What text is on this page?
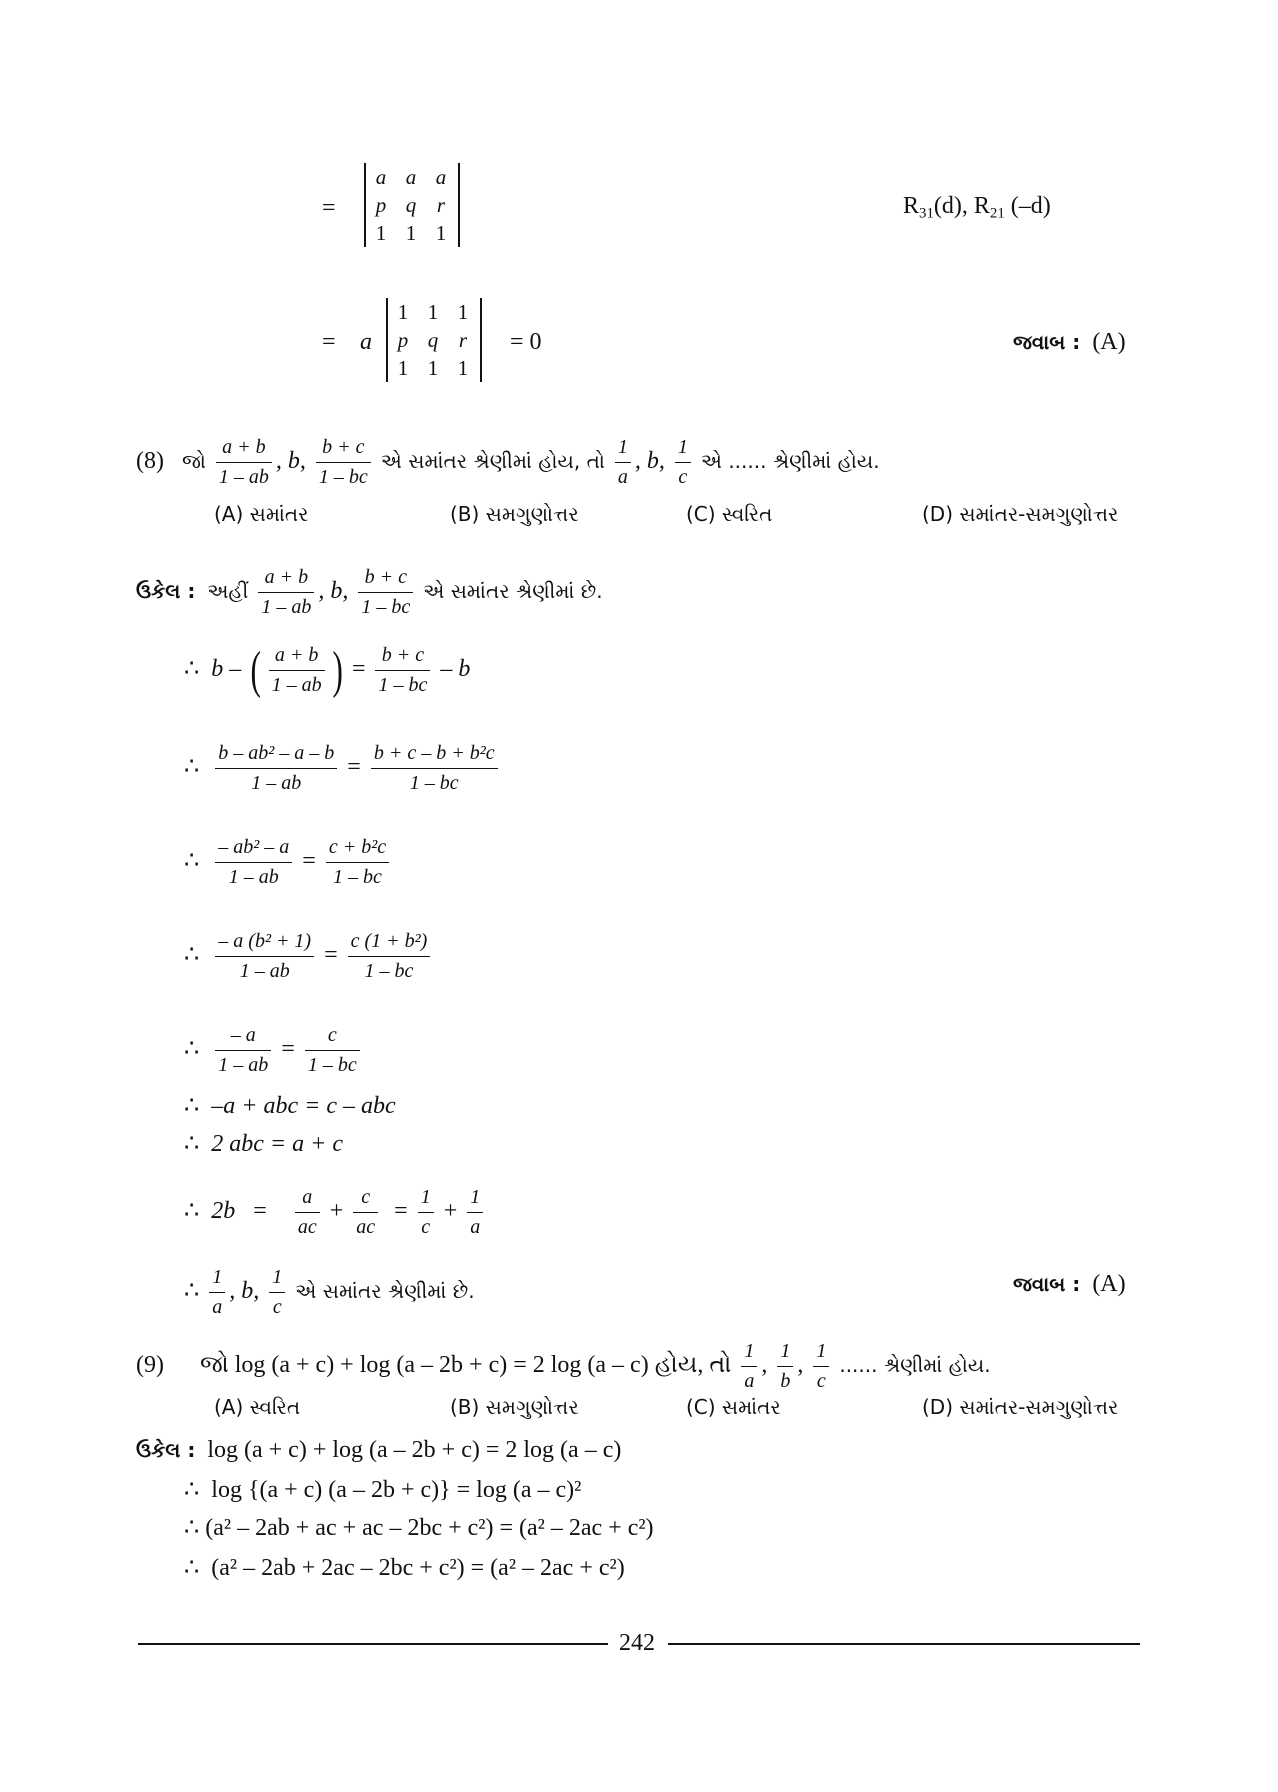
=
a a a
p q r
1 1 1
$R_{31}(d)$, $R_{21}$ (–d)
= a
1 1 1
p q r
1 1 1
= 0	જવાબ : (A)
(8) જો $\frac{a + b}{1 - ab}$ , b, $\frac{b + c}{1 - bc}$ એ સમાંતર શ્રેણીમાં હોય, તો $\frac{1}{a}$ , b, $\frac{1}{c}$ એ ...... શ્રેણીમાં હોય.
(A) સમાંતર	(B) સમગુણોત્તર	(C) સ્વરિત	(D) સમાંતર-સમગુણોત્તર
ઉકેલ : અહીં $\frac{a + b}{1 - ab}$ , b, $\frac{b + c}{1 - bc}$ એ સમાંતર શ્રેણીમાં છે.
∴ b – ( $\frac{a + b}{1 - ab}$ ) = $\frac{b + c}{1 - bc}$ – b
∴ $\frac{\text{b – ab² – a – b}}{1 - ab} = \frac{\text{b + c – b + b²c}}{1 - bc}$
∴ $\frac{\text{– ab² – a}}{1 - ab} = \frac{\text{c + b²c}}{1 - bc}$
∴ $\frac{\text{– a (b² + 1)}}{1 - ab} = \frac{\text{c (1 + b²)}}{1 - bc}$
∴ $\frac{- a}{1 - ab} = \frac{c}{1 - bc}$
∴ –a + abc = c – abc
∴ 2 abc = a + c
∴ $2b = \frac{a}{ac} + \frac{c}{ac} = \frac{1}{c} + \frac{1}{a}$
∴ $\frac{1}{a}$ , b, $\frac{1}{c}$ એ સમાંતર શ્રેણીમાં છે.	જવાબ : (A)
(9) જો log (a + c) + log (a – 2b + c) = 2 log (a – c) હોય, તો $\frac{1}{a}$ , $\frac{1}{b}$ , $\frac{1}{c}$ ...... શ્રેણીમાં હોય.
(A) સ્વરિત	(B) સમગુણોત્તર	(C) સમાંતર	(D) સમાંતર-સમગુણોત્તર
ઉકેલ : log (a + c) + log (a – 2b + c) = 2 log (a – c)
∴ log {(a + c) (a – 2b + c)} = log (a – c)²
∴ (a² – 2ab + ac + ac – 2bc + c²) = (a² – 2ac + c²)
∴ (a² – 2ab + 2ac – 2bc + c²) = (a² – 2ac + c²)
242
